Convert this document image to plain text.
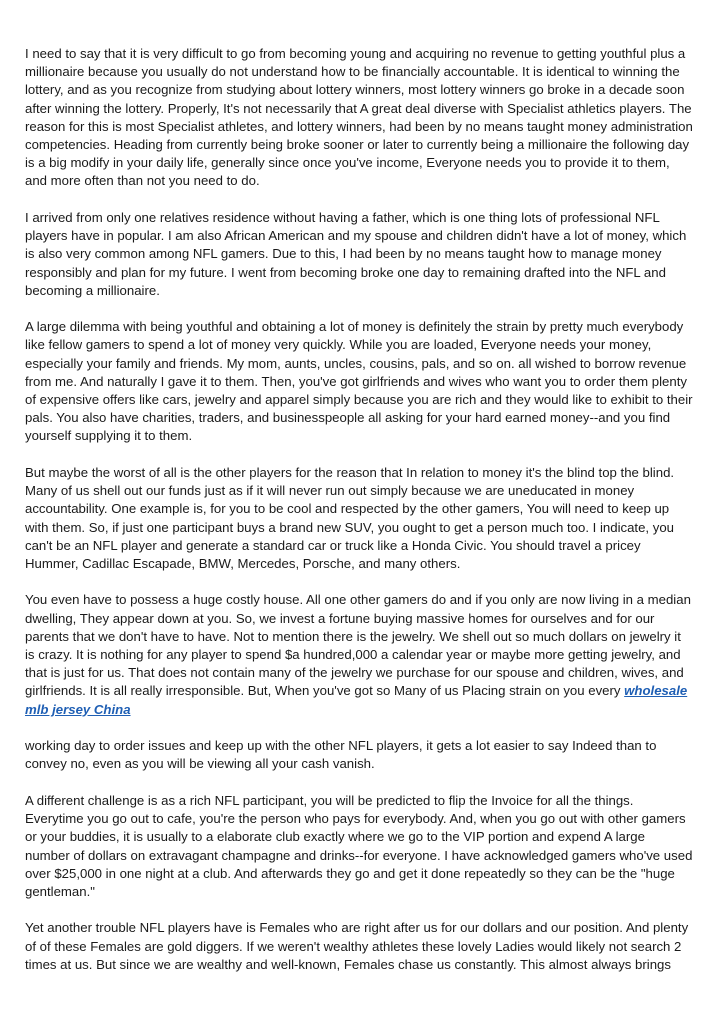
I need to say that it is very difficult to go from becoming young and acquiring no revenue to getting youthful plus a millionaire because you usually do not understand how to be financially accountable. It is identical to winning the lottery, and as you recognize from studying about lottery winners, most lottery winners go broke in a decade soon after winning the lottery. Properly, It's not necessarily that A great deal diverse with Specialist athletics players. The reason for this is most Specialist athletes, and lottery winners, had been by no means taught money administration competencies. Heading from currently being broke sooner or later to currently being a millionaire the following day is a big modify in your daily life, generally since once you've income, Everyone needs you to provide it to them, and more often than not you need to do.

I arrived from only one relatives residence without having a father, which is one thing lots of professional NFL players have in popular. I am also African American and my spouse and children didn't have a lot of money, which is also very common among NFL gamers. Due to this, I had been by no means taught how to manage money responsibly and plan for my future. I went from becoming broke one day to remaining drafted into the NFL and becoming a millionaire.

A large dilemma with being youthful and obtaining a lot of money is definitely the strain by pretty much everybody like fellow gamers to spend a lot of money very quickly. While you are loaded, Everyone needs your money, especially your family and friends. My mom, aunts, uncles, cousins, pals, and so on. all wished to borrow revenue from me. And naturally I gave it to them. Then, you've got girlfriends and wives who want you to order them plenty of expensive offers like cars, jewelry and apparel simply because you are rich and they would like to exhibit to their pals. You also have charities, traders, and businesspeople all asking for your hard earned money--and you find yourself supplying it to them.

But maybe the worst of all is the other players for the reason that In relation to money it's the blind top the blind. Many of us shell out our funds just as if it will never run out simply because we are uneducated in money accountability. One example is, for you to be cool and respected by the other gamers, You will need to keep up with them. So, if just one participant buys a brand new SUV, you ought to get a person much too. I indicate, you can't be an NFL player and generate a standard car or truck like a Honda Civic. You should travel a pricey Hummer, Cadillac Escapade, BMW, Mercedes, Porsche, and many others.

You even have to possess a huge costly house. All one other gamers do and if you only are now living in a median dwelling, They appear down at you. So, we invest a fortune buying massive homes for ourselves and for our parents that we don't have to have. Not to mention there is the jewelry. We shell out so much dollars on jewelry it is crazy. It is nothing for any player to spend $a hundred,000 a calendar year or maybe more getting jewelry, and that is just for us. That does not contain many of the jewelry we purchase for our spouse and children, wives, and girlfriends. It is all really irresponsible. But, When you've got so Many of us Placing strain on you every wholesale mlb jersey China

working day to order issues and keep up with the other NFL players, it gets a lot easier to say Indeed than to convey no, even as you will be viewing all your cash vanish.

A different challenge is as a rich NFL participant, you will be predicted to flip the Invoice for all the things. Everytime you go out to cafe, you're the person who pays for everybody. And, when you go out with other gamers or your buddies, it is usually to a elaborate club exactly where we go to the VIP portion and expend A large number of dollars on extravagant champagne and drinks--for everyone. I have acknowledged gamers who've used over $25,000 in one night at a club. And afterwards they go and get it done repeatedly so they can be the "huge gentleman."

Yet another trouble NFL players have is Females who are right after us for our dollars and our position. And plenty of of these Females are gold diggers. If we weren't wealthy athletes these lovely Ladies would likely not search 2 times at us. But since we are wealthy and well-known, Females chase us constantly. This almost always brings
